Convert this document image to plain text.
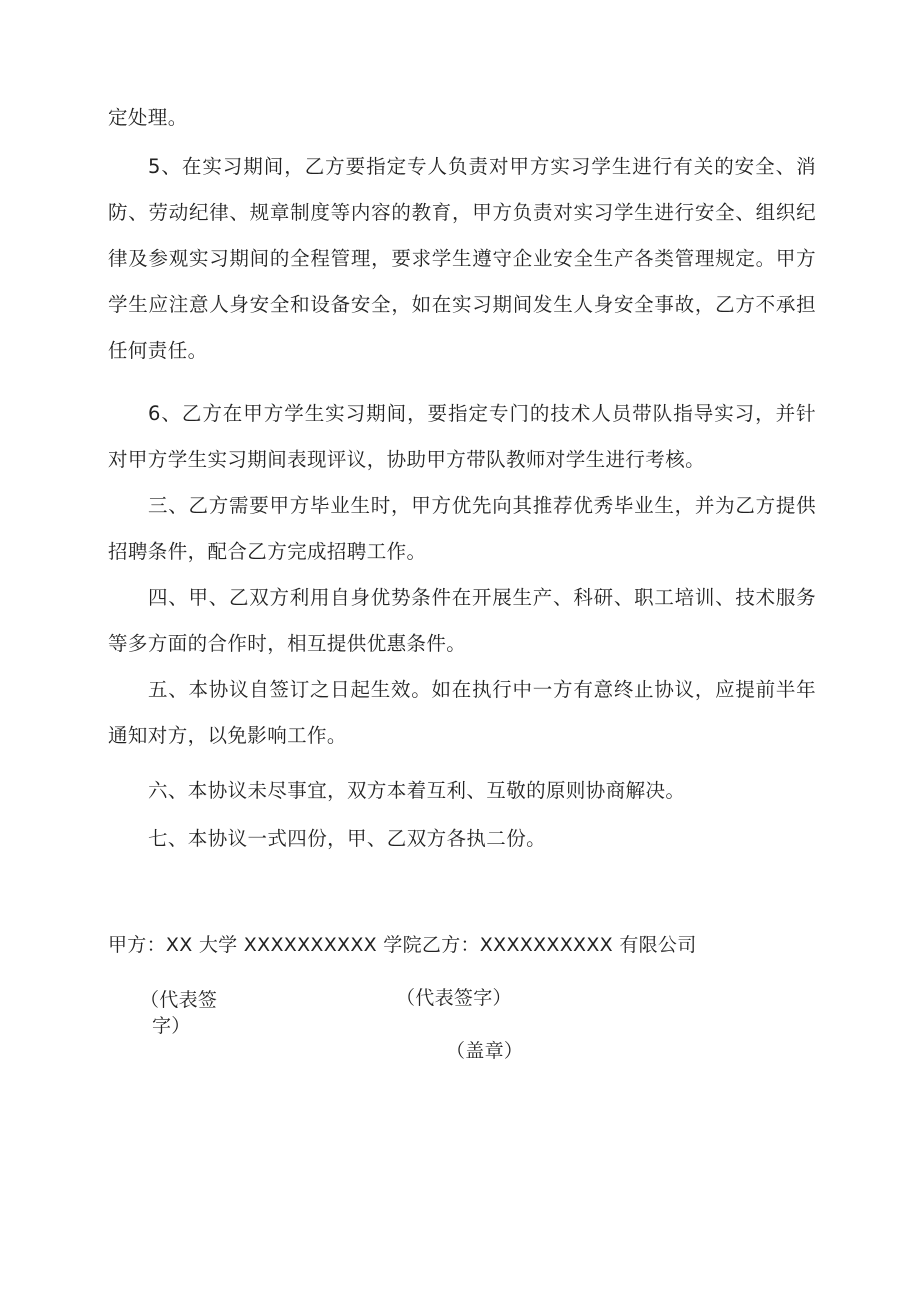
定处理。

5、在实习期间，乙方要指定专人负责对甲方实习学生进行有关的安全、消防、劳动纪律、规章制度等内容的教育，甲方负责对实习学生进行安全、组织纪律及参观实习期间的全程管理，要求学生遵守企业安全生产各类管理规定。甲方学生应注意人身安全和设备安全，如在实习期间发生人身安全事故，乙方不承担任何责任。

6、乙方在甲方学生实习期间，要指定专门的技术人员带队指导实习，并针对甲方学生实习期间表现评议，协助甲方带队教师对学生进行考核。

三、乙方需要甲方毕业生时，甲方优先向其推荐优秀毕业生，并为乙方提供招聘条件，配合乙方完成招聘工作。

四、甲、乙双方利用自身优势条件在开展生产、科研、职工培训、技术服务等多方面的合作时，相互提供优惠条件。

五、本协议自签订之日起生效。如在执行中一方有意终止协议，应提前半年通知对方，以免影响工作。

六、本协议未尽事宜，双方本着互利、互敬的原则协商解决。

七、本协议一式四份，甲、乙双方各执二份。

甲方：XX 大学 XXXXXXXXXX 学院乙方：XXXXXXXXXX 有限公司

（代表签

字）

（代表签字）

（盖章）
